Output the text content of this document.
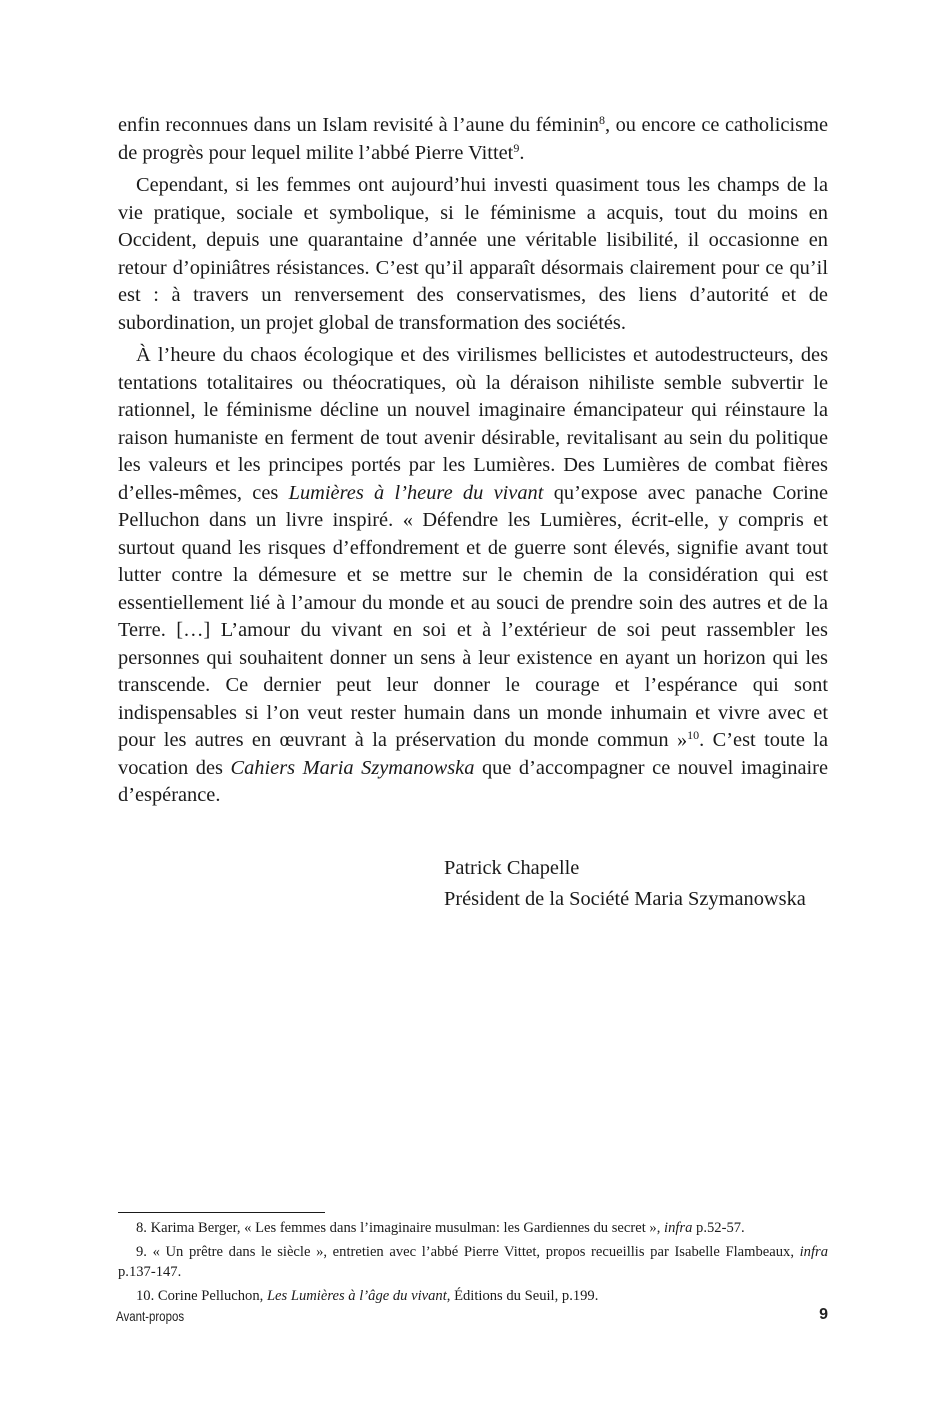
enfin reconnues dans un Islam revisité à l’aune du féminin$^8$, ou encore ce catholicisme de progrès pour lequel milite l’abbé Pierre Vittet$^9$.

Cependant, si les femmes ont aujourd’hui investi quasiment tous les champs de la vie pratique, sociale et symbolique, si le féminisme a acquis, tout du moins en Occident, depuis une quarantaine d’année une véritable lisibilité, il occasionne en retour d’opiniâtres résistances. C’est qu’il apparaît désormais clairement pour ce qu’il est : à travers un renversement des conservatismes, des liens d’autorité et de subordination, un projet global de transformation des sociétés.

À l’heure du chaos écologique et des virilismes bellicistes et autodestructeurs, des tentations totalitaires ou théocratiques, où la déraison nihiliste semble subvertir le rationnel, le féminisme décline un nouvel imaginaire émancipateur qui réinstaure la raison humaniste en ferment de tout avenir désirable, revitalisant au sein du politique les valeurs et les principes portés par les Lumières. Des Lumières de combat fières d’elles-mêmes, ces Lumières à l’heure du vivant qu’expose avec panache Corine Pelluchon dans un livre inspiré. « Défendre les Lumières, écrit-elle, y compris et surtout quand les risques d’effondrement et de guerre sont élevés, signifie avant tout lutter contre la démesure et se mettre sur le chemin de la considération qui est essentiellement lié à l’amour du monde et au souci de prendre soin des autres et de la Terre. […] L’amour du vivant en soi et à l’extérieur de soi peut rassembler les personnes qui souhaitent donner un sens à leur existence en ayant un horizon qui les transcende. Ce dernier peut leur donner le courage et l’espérance qui sont indispensables si l’on veut rester humain dans un monde inhumain et vivre avec et pour les autres en œuvrant à la préservation du monde commun »$^{10}$. C’est toute la vocation des Cahiers Maria Szymanowska que d’accompagner ce nouvel imaginaire d’espérance.

Patrick Chapelle
Président de la Société Maria Szymanowska

8. Karima Berger, « Les femmes dans l’imaginaire musulman: les Gardiennes du secret », infra p.52-57.

9. « Un prêtre dans le siècle », entretien avec l’abbé Pierre Vittet, propos recueillis par Isabelle Flambeaux, infra p.137-147.

10. Corine Pelluchon, Les Lumières à l’âge du vivant, Éditions du Seuil, p.199.

Avant-propos	9
